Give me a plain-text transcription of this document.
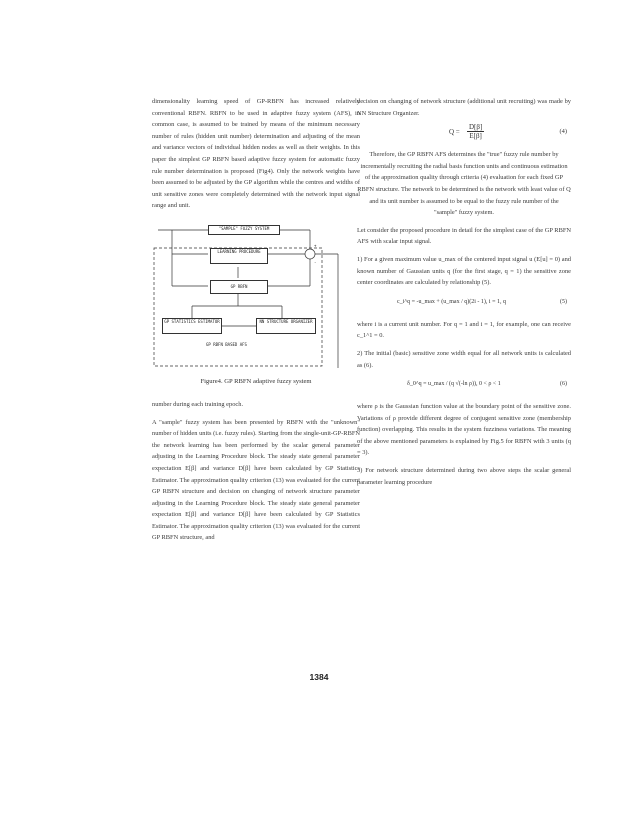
dimensionality learning speed of GP-RBFN has increased relatively conventional RBFN. RBFN to be used in adaptive fuzzy system (AFS), in common case, is assumed to be trained by means of the minimum necessary number of rules (hidden unit number) determination and adjusting of the mean and variance vectors of individual hidden nodes as well as their weights. In this paper the simplest GP RBFN based adaptive fuzzy system for automatic fuzzy rule number determination is proposed (Fig4). Only the network weights have been assumed to be adjusted by the GP algorithm while the centres and widths of unit sensitive zones were completely determined with the network input signal range and unit.

"SAMPLE" FUZZY SYSTEM
LEARNING PROCEDURE
GP RBFN
GP STATISTICS ESTIMATOR	NN STRUCTURE ORGANIZER
+
-
GP RBFN BASED AFS
Figure4. GP RBFN adaptive fuzzy system

number during each training epoch.

A "sample" fuzzy system has been presented by RBFN with the "unknown" number of hidden units (i.e. fuzzy rules). Starting from the single-unit-GP-RBFN the network learning has been performed by the scalar general parameter adjusting in the Learning Procedure block. The steady state general parameter expectation E[β] and variance D[β] have been calculated by GP Statistics Estimator. The approximation quality criterion (13) was evaluated for the current GP RBFN structure and decision on changing of network structure parameter adjusting in the Learning Procedure block. The steady state general parameter expectation E[β] and variance D[β] have been calculated by GP Statistics Estimator. The approximation quality criterion (13) was evaluated for the current GP RBFN structure, and

decision on changing of network structure (additional unit recruiting) was made by NN Structure Organizer.

$Q = \frac{D[\beta]}{E[\beta]}$	(4)

Therefore, the GP RBFN AFS determines the "true" fuzzy rule number by incrementally recruiting the radial basis function units and continuous estimation of the approximation quality through criteria (4) evaluation for each fixed GP RBFN structure. The network to be determined is the network with least value of Q and its unit number is assumed to be equal to the fuzzy rule number of the "sample" fuzzy system.

Let consider the proposed procedure in detail for the simplest case of the GP RBFN AFS with scalar input signal.

1) For a given maximum value u_max of the centered input signal u (E[u] = 0) and known number of Gaussian units q (for the first stage, q = 1) the sensitive zone center coordinates are calculated by relationship (5).

c_i^q = -u_max + (u_max / q)(2i - 1), i = 1, q	(5)

where i is a current unit number. For q = 1 and i = 1, for example, one can receive c_1^1 = 0.

2) The initial (basic) sensitive zone width equal for all network units is calculated as (6).

δ_0^q = u_max / (q √(-ln ρ)), 0 < ρ < 1	(6)

where ρ is the Gaussian function value at the boundary point of the sensitive zone. Variations of ρ provide different degree of conjugent sensitive zone (membership function) overlapping. This results in the system fuzziness variations. The meaning of the above mentioned parameters is explained by Fig.5 for RBFN with 3 units (q = 3).

3) For network structure determined during two above steps the scalar general parameter learning procedure

1384
